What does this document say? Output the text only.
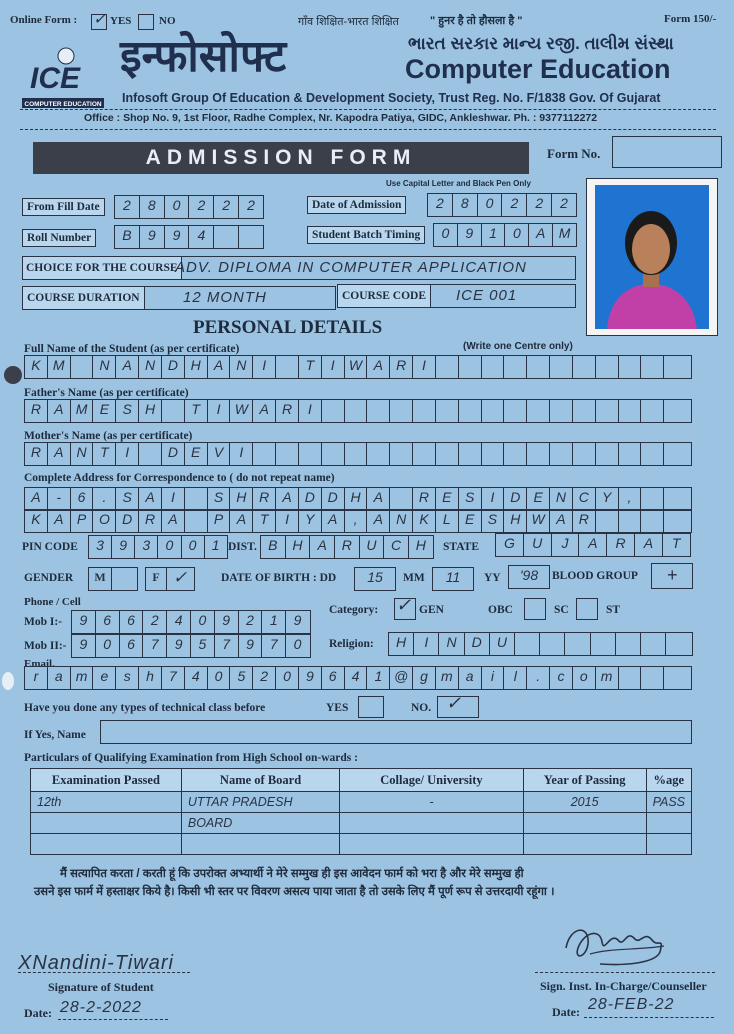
Online Form : ✓ YES	NO	गाँव शिक्षित-भारत शिक्षित	" हुनर है तो हौसला है "	Form 150/-
ICE
COMPUTER EDUCATION
इन्फोसोफ्ट	ભારત સરકાર માન્ય રજી. તાલીમ સંસ્થા
Computer Education
Infosoft Group Of Education & Development Society, Trust Reg. No. F/1838 Gov. Of Gujarat
Office : Shop No. 9, 1st Floor, Radhe Complex, Nr. Kapodra Patiya, GIDC, Ankleshwar. Ph. : 9377112272
ADMISSION FORM	Form No.
Use Capital Letter and Black Pen Only
From Fill Date	2	8	0	2	2	2	Date of Admission	2	8	0	2	2	2
Roll Number	B	9	9	4	Student Batch Timing	0	9	1	0	A M
CHOICE FOR THE COURSE
ADV. DIPLOMA IN COMPUTER APPLICATION
COURSE DURATION	12 MONTH	COURSE CODE	ICE 001
PERSONAL DETAILS
(Write one Centre only)
Full Name of the Student (as per certificate)
K M	N A N D H A N	I	T	I	W A R	I
Father's Name (as per certificate)
R A M E S H	T	I	W A R	I
Mother's Name (as per certificate)
R A N T	I	D E V	I
Complete Address for Correspondence to ( do not repeat name)
A	-	6	.	S A	I	S H R A D D H A	R E S	I	D E N C Y	,
K A P O D R A	P A T	I	Y A	,	A N K	L	E S H W A R
PIN CODE	3	9	3	0	0	1 DIST. B	H	A	R	U	C	H	STATE	G	U	J	A	R	A	T
GENDER	M	F ✓	DATE OF BIRTH : DD	15	MM	11	YY	'98	BLOOD GROUP	+
Phone / Cell
Mob I:-	9	6	6	2	4	0	9	2	1	9
Mob II:- 9	0	6	7	9	5	7	9	7	0
Category: ✓ GEN	OBC	SC	ST
Religion:	H	I	N	D	U
Email.
r	a m e	s	h	7	4	0	5	2	0	9	6	4	1 @ g m a	i	l	.	c	o m
Have you done any types of technical class before	YES	NO. ✓
If Yes, Name
Particulars of Qualifying Examination from High School on-wards :
Examination Passed	Name of Board	Collage/ University	Year of Passing	%age
12th	UTTAR PRADESH	-	2015	PASS
	BOARD			

मैं सत्यापित करता / करती हूं कि उपरोक्त अभ्यार्थी ने मेरे सम्मुख ही इस आवेदन फार्म को भरा है और मेरे सम्मुख ही
उसने इस फार्म में हस्ताक्षर किये है। किसी भी स्तर पर विवरण असत्य पाया जाता है तो उसके लिए मैं पूर्ण रूप से उत्तरदायी रहूंगा ।
XNandini-Tiwari
Signature of Student
Date: 28-2-2022
Sign. Inst. In-Charge/Counseller
Date: 28-FEB-22
